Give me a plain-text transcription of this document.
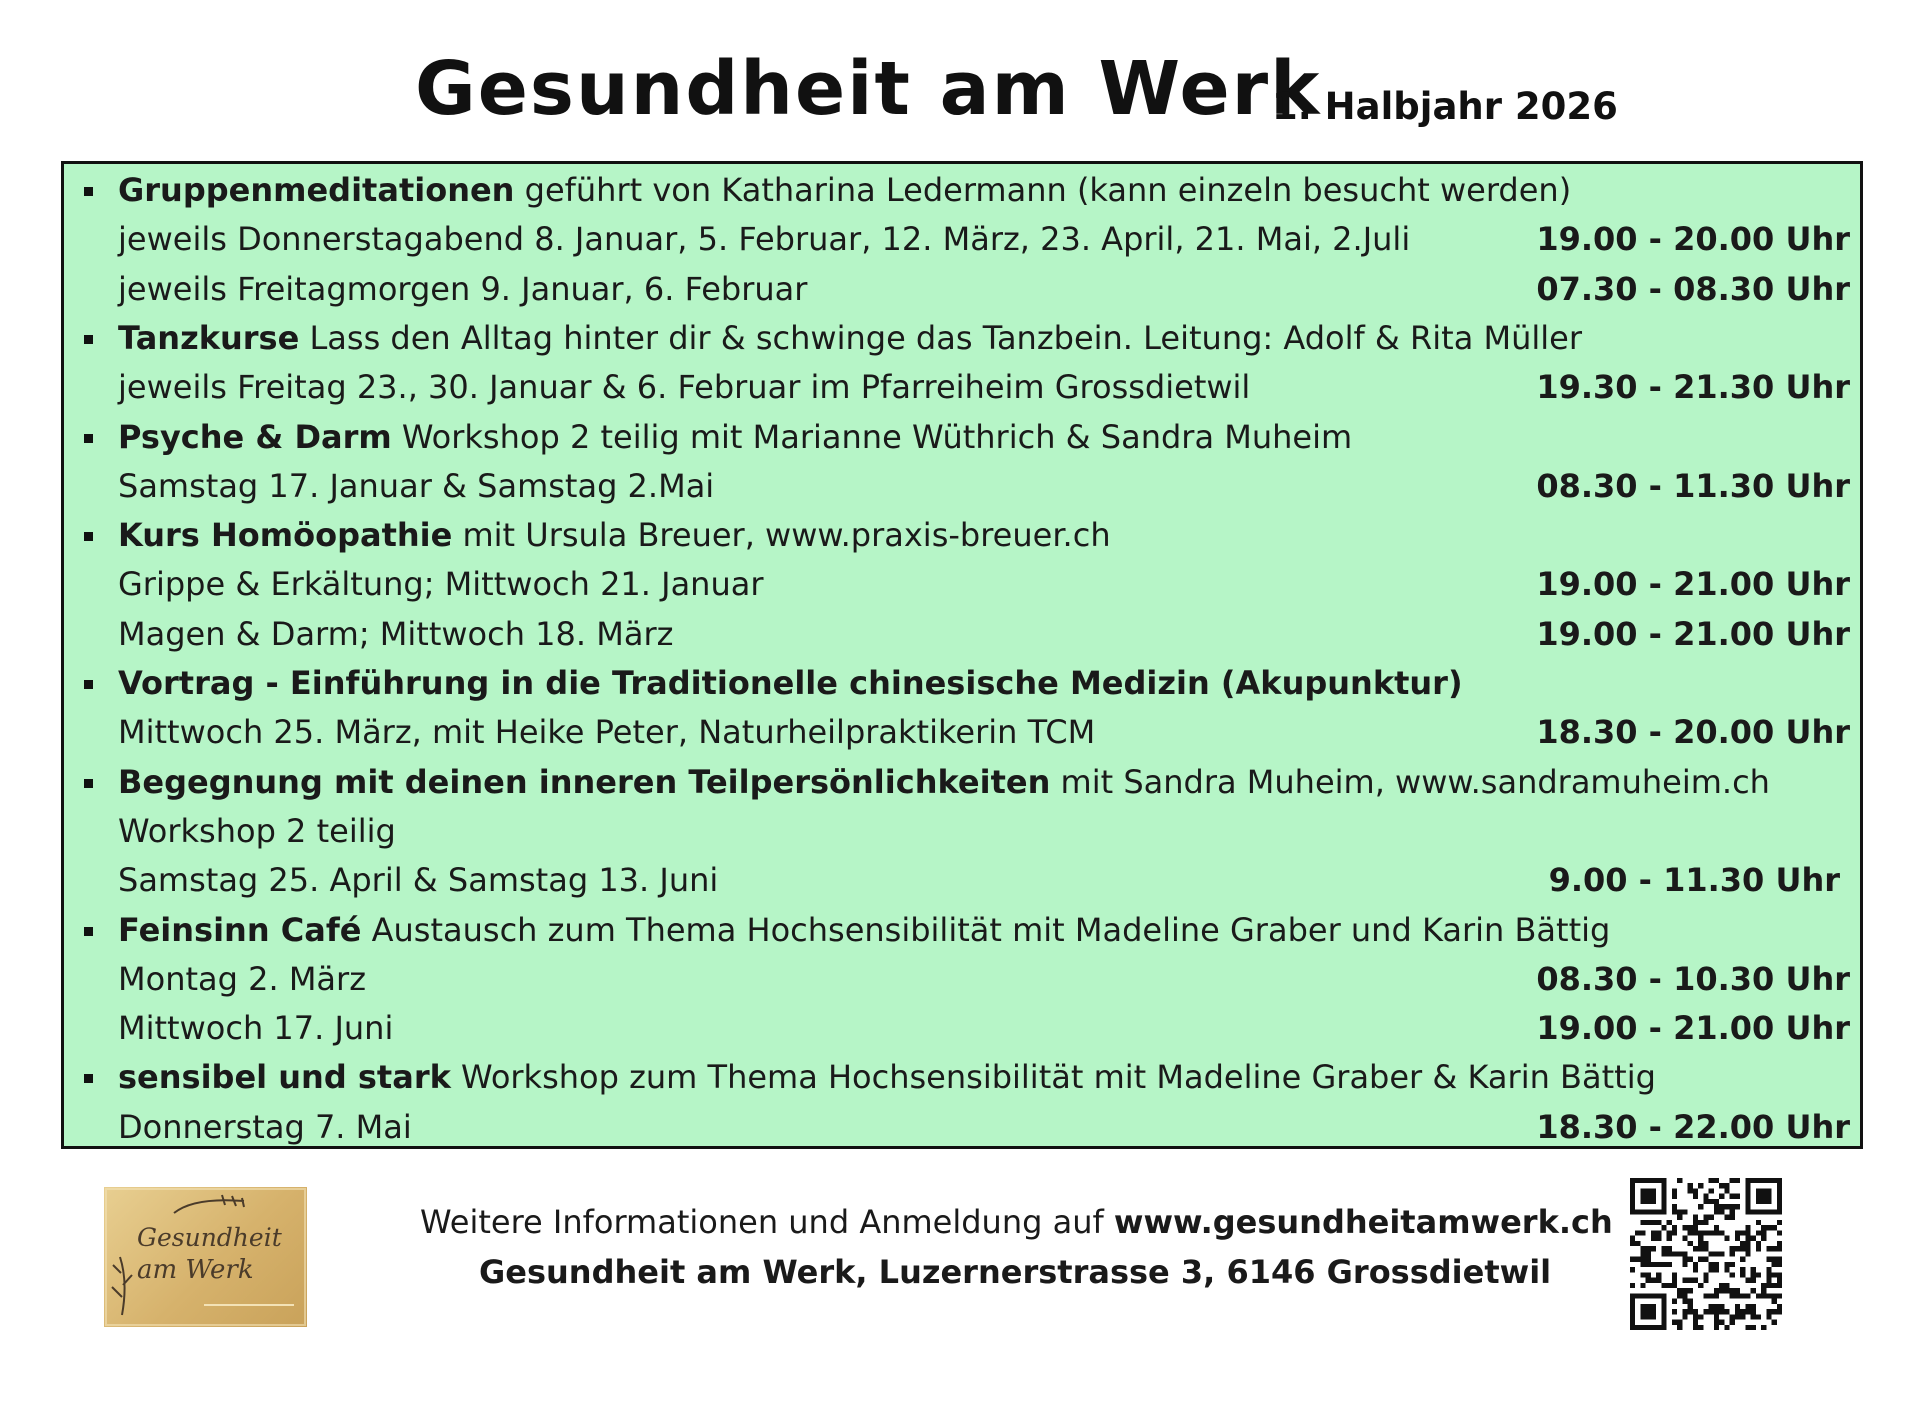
Gesundheit am Werk
1. Halbjahr 2026
Gruppenmeditationen geführt von Katharina Ledermann (kann einzeln besucht werden)
jeweils Donnerstagabend 8. Januar, 5. Februar, 12. März, 23. April, 21. Mai, 2.Juli	19.00 - 20.00 Uhr
jeweils Freitagmorgen 9. Januar, 6. Februar	07.30 - 08.30 Uhr
Tanzkurse Lass den Alltag hinter dir & schwinge das Tanzbein. Leitung: Adolf & Rita Müller
jeweils Freitag 23., 30. Januar & 6. Februar im Pfarreiheim Grossdietwil	19.30 - 21.30 Uhr
Psyche & Darm Workshop 2 teilig mit Marianne Wüthrich & Sandra Muheim
Samstag 17. Januar & Samstag 2.Mai	08.30 - 11.30 Uhr
Kurs Homöopathie mit Ursula Breuer, www.praxis-breuer.ch
Grippe & Erkältung; Mittwoch 21. Januar	19.00 - 21.00 Uhr
Magen & Darm; Mittwoch 18. März	19.00 - 21.00 Uhr
Vortrag - Einführung in die Traditionelle chinesische Medizin (Akupunktur)
Mittwoch 25. März, mit Heike Peter, Naturheilpraktikerin TCM	18.30 - 20.00 Uhr
Begegnung mit deinen inneren Teilpersönlichkeiten mit Sandra Muheim, www.sandramuheim.ch
Workshop 2 teilig
Samstag 25. April & Samstag 13. Juni	9.00 - 11.30 Uhr
Feinsinn Café Austausch zum Thema Hochsensibilität mit Madeline Graber und Karin Bättig
Montag 2. März	08.30 - 10.30 Uhr
Mittwoch 17. Juni	19.00 - 21.00 Uhr
sensibel und stark Workshop zum Thema Hochsensibilität mit Madeline Graber & Karin Bättig
Donnerstag 7. Mai	18.30 - 22.00 Uhr
Gesundheit
am Werk
Weitere Informationen und Anmeldung auf www.gesundheitamwerk.ch
Gesundheit am Werk, Luzernerstrasse 3, 6146 Grossdietwil
